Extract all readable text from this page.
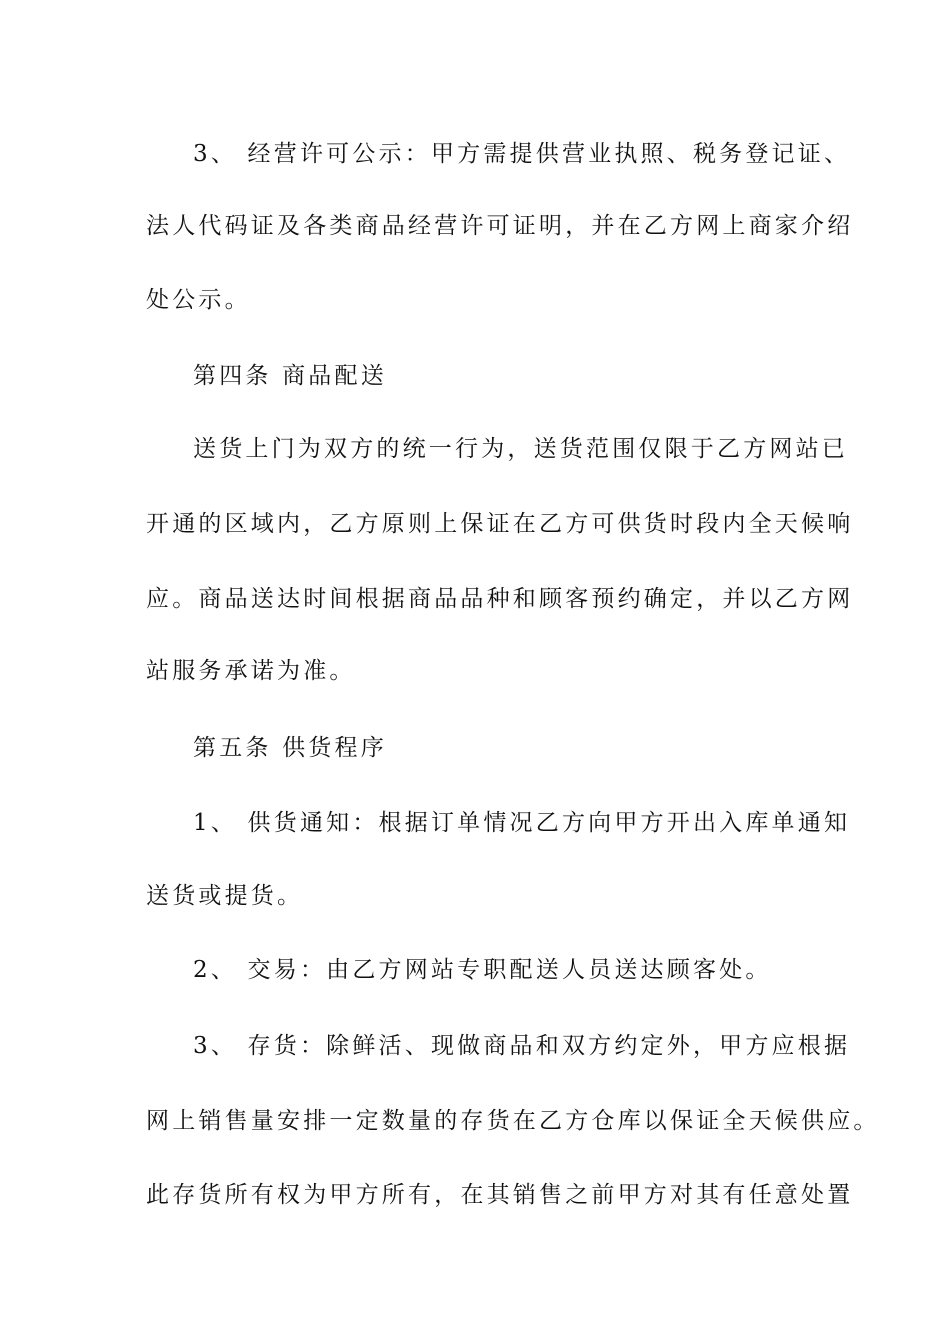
3、 经营许可公示：甲方需提供营业执照、税务登记证、
法人代码证及各类商品经营许可证明，并在乙方网上商家介绍
处公示。
第四条 商品配送
送货上门为双方的统一行为，送货范围仅限于乙方网站已
开通的区域内，乙方原则上保证在乙方可供货时段内全天候响
应。商品送达时间根据商品品种和顾客预约确定，并以乙方网
站服务承诺为准。
第五条 供货程序
1、 供货通知：根据订单情况乙方向甲方开出入库单通知
送货或提货。
2、 交易：由乙方网站专职配送人员送达顾客处。
3、 存货：除鲜活、现做商品和双方约定外，甲方应根据
网上销售量安排一定数量的存货在乙方仓库以保证全天候供应。
此存货所有权为甲方所有，在其销售之前甲方对其有任意处置
